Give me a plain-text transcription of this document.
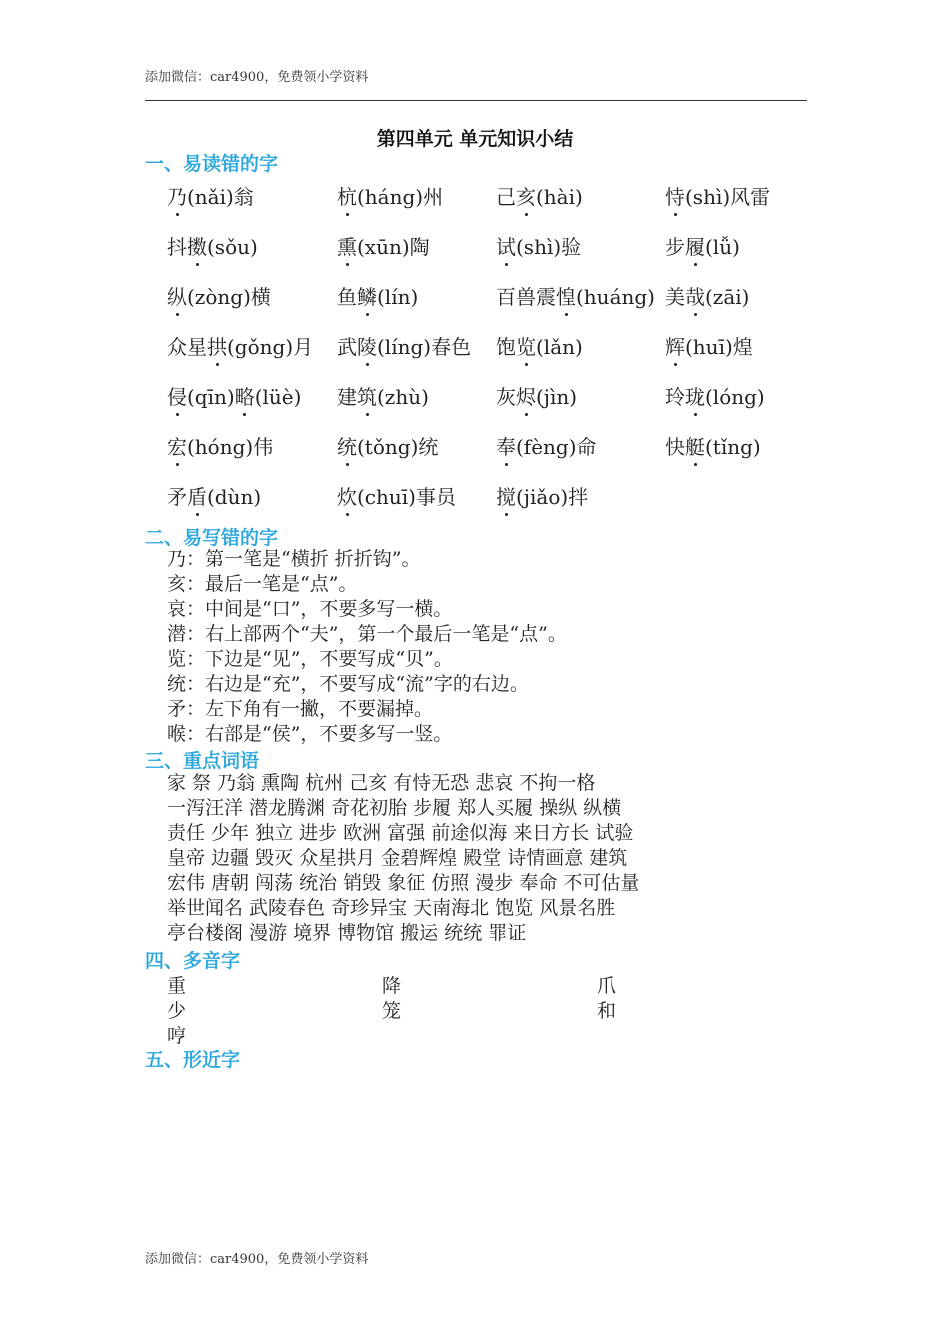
添加微信：car4900，免费领小学资料
第四单元 单元知识小结
一、易读错的字
乃(nǎi)翁	杭(háng)州	己亥(hài)	恃(shì)风雷
抖擞(sǒu)	熏(xūn)陶	试(shì)验	步履(lǚ)
纵(zòng)横	鱼鳞(lín)	百兽震惶(huáng) 美哉(zāi)
众星拱(gǒng)月	武陵(líng)春色	饱览(lǎn)	辉(huī)煌
侵(qīn)略(lüè)	建筑(zhù)	灰烬(jìn)	玲珑(lóng)
宏(hóng)伟	统(tǒng)统	奉(fèng)命	快艇(tǐng)
矛盾(dùn)	炊(chuī)事员	搅(jiǎo)拌
二、易写错的字
乃：第一笔是“横折 折折钩”。
亥：最后一笔是“点”。
哀：中间是“口”，不要多写一横。
潜：右上部两个“夫”，第一个最后一笔是“点”。
览：下边是“见”，不要写成“贝”。
统：右边是“充”，不要写成“流”字的右边。
矛：左下角有一撇，不要漏掉。
喉：右部是“侯”，不要多写一竖。
三、重点词语
家 祭 乃翁 熏陶 杭州 己亥 有恃无恐 悲哀 不拘一格
一泻汪洋 潜龙腾渊 奇花初胎 步履 郑人买履 操纵 纵横
责任 少年 独立 进步 欧洲 富强 前途似海 来日方长 试验
皇帝 边疆 毁灭 众星拱月 金碧辉煌 殿堂 诗情画意 建筑
宏伟 唐朝 闯荡 统治 销毁 象征 仿照 漫步 奉命 不可估量
举世闻名 武陵春色 奇珍异宝 天南海北 饱览 风景名胜
亭台楼阁 漫游 境界 博物馆 搬运 统统 罪证
四、多音字
重	降	爪
少	笼	和
哼
五、形近字
添加微信：car4900，免费领小学资料
